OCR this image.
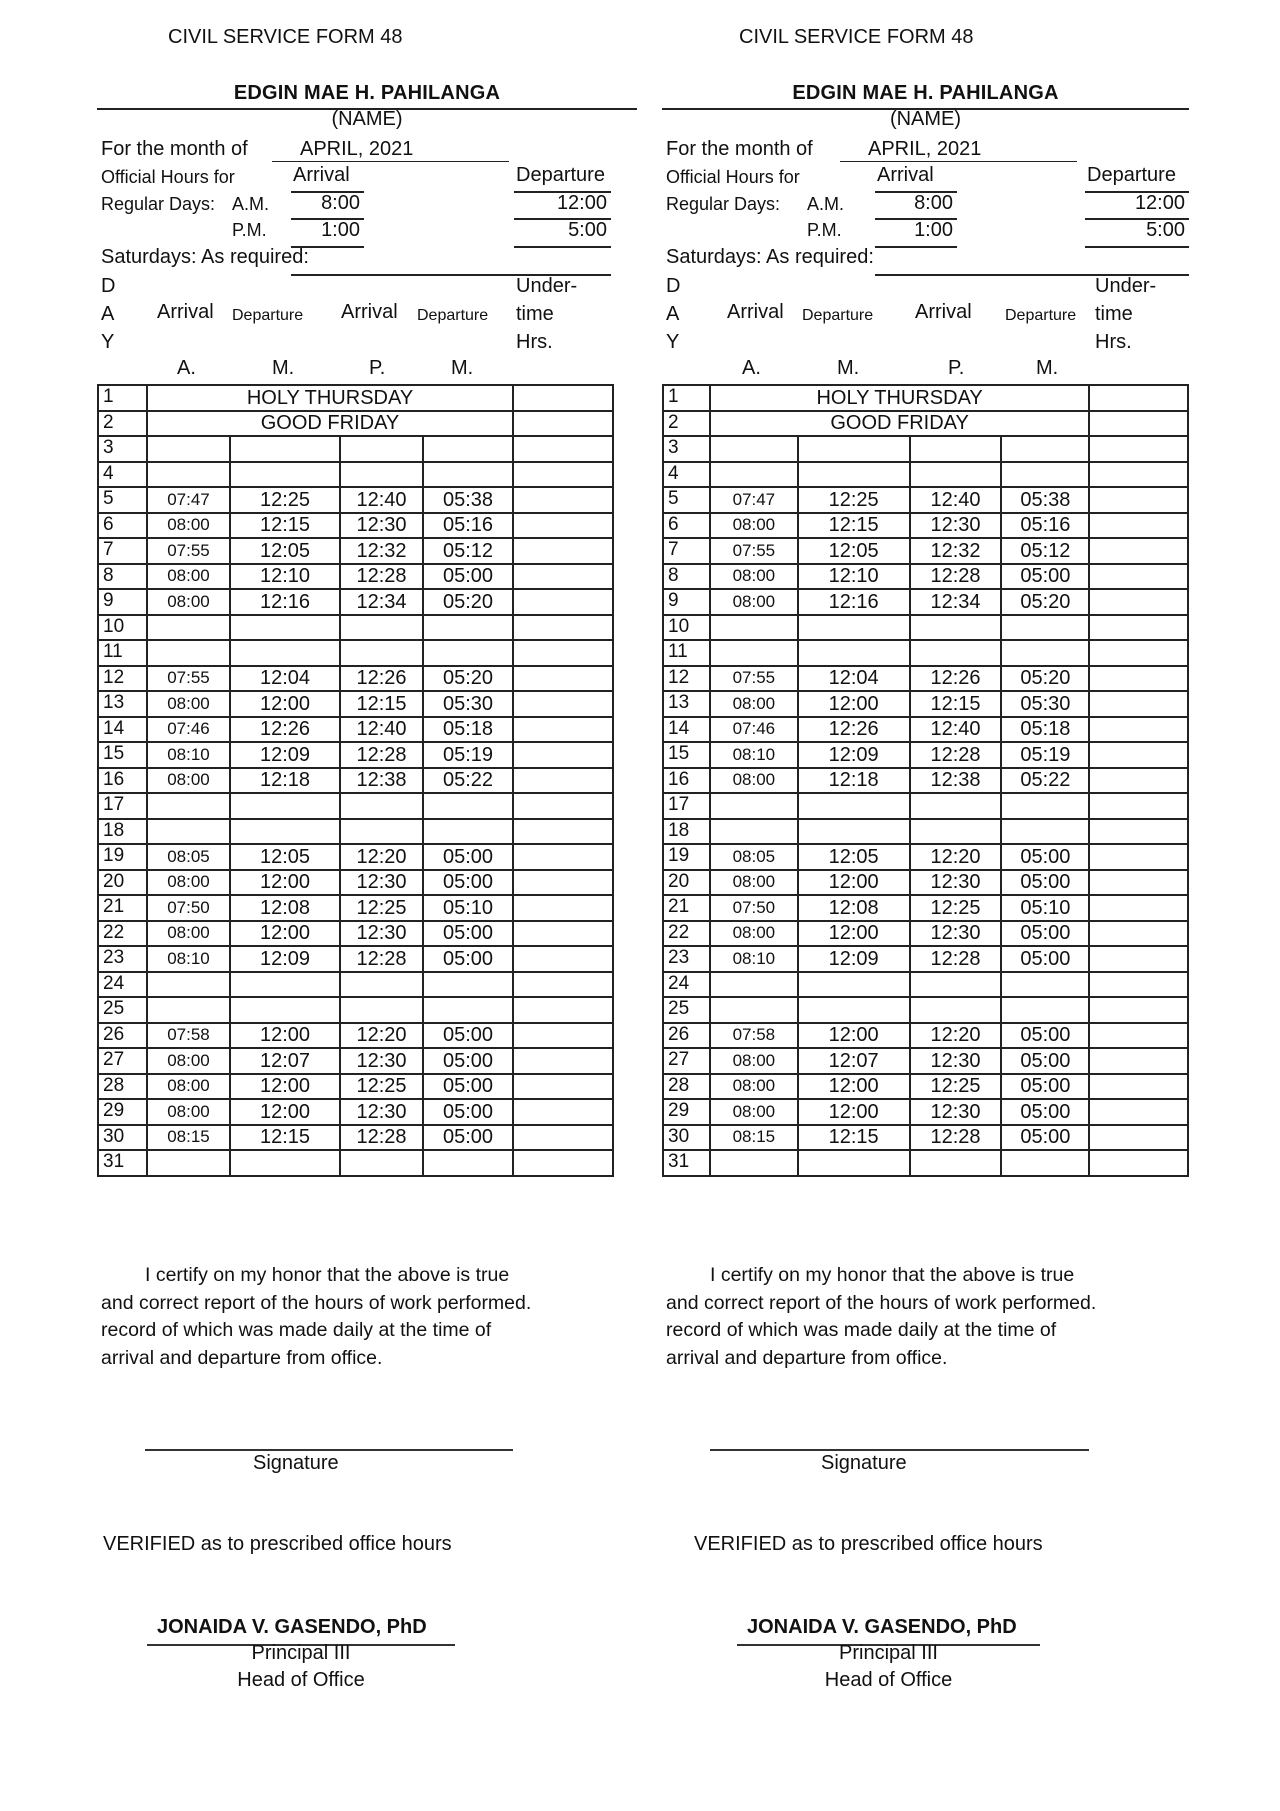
CIVIL SERVICE FORM 48
EDGIN MAE H. PAHILANGA
(NAME)
For the month of	APRIL, 2021
Official Hours for	Arrival	Departure
Regular Days: A.M.
P.M.
8:00	12:00
1:00	5:00
Saturdays: As required:
D
A
Y
Arrival Departure Arrival Departure
Under-
time
Hrs.
A.	M.	P.	M.
1	HOLY THURSDAY				
2	GOOD FRIDAY				
3					
4					
5	07:47	12:25	12:40	05:38	
6	08:00	12:15	12:30	05:16	
7	07:55	12:05	12:32	05:12	
8	08:00	12:10	12:28	05:00	
9	08:00	12:16	12:34	05:20	
10					
11					
12	07:55	12:04	12:26	05:20	
13	08:00	12:00	12:15	05:30	
14	07:46	12:26	12:40	05:18	
15	08:10	12:09	12:28	05:19	
16	08:00	12:18	12:38	05:22	
17					
18					
19	08:05	12:05	12:20	05:00	
20	08:00	12:00	12:30	05:00	
21	07:50	12:08	12:25	05:10	
22	08:00	12:00	12:30	05:00	
23	08:10	12:09	12:28	05:00	
24					
25					
26	07:58	12:00	12:20	05:00	
27	08:00	12:07	12:30	05:00	
28	08:00	12:00	12:25	05:00	
29	08:00	12:00	12:30	05:00	
30	08:15	12:15	12:28	05:00	
31					
I certify on my honor that the above is true
and correct report of the hours of work performed.
record of which was made daily at the time of
arrival and departure from office.
Signature
VERIFIED as to prescribed office hours
JONAIDA V. GASENDO, PhD
Principal III
Head of Office
CIVIL SERVICE FORM 48
EDGIN MAE H. PAHILANGA
(NAME)
For the month of	APRIL, 2021
Official Hours for	Arrival	Departure
Regular Days: A.M.
P.M.
8:00	12:00
1:00	5:00
Saturdays: As required:
D
A
Y
Arrival Departure Arrival Departure
Under-
time
Hrs.
A.	M.	P.	M.
1	HOLY THURSDAY				
2	GOOD FRIDAY				
3					
4					
5	07:47	12:25	12:40	05:38	
6	08:00	12:15	12:30	05:16	
7	07:55	12:05	12:32	05:12	
8	08:00	12:10	12:28	05:00	
9	08:00	12:16	12:34	05:20	
10					
11					
12	07:55	12:04	12:26	05:20	
13	08:00	12:00	12:15	05:30	
14	07:46	12:26	12:40	05:18	
15	08:10	12:09	12:28	05:19	
16	08:00	12:18	12:38	05:22	
17					
18					
19	08:05	12:05	12:20	05:00	
20	08:00	12:00	12:30	05:00	
21	07:50	12:08	12:25	05:10	
22	08:00	12:00	12:30	05:00	
23	08:10	12:09	12:28	05:00	
24					
25					
26	07:58	12:00	12:20	05:00	
27	08:00	12:07	12:30	05:00	
28	08:00	12:00	12:25	05:00	
29	08:00	12:00	12:30	05:00	
30	08:15	12:15	12:28	05:00	
31					
I certify on my honor that the above is true
and correct report of the hours of work performed.
record of which was made daily at the time of
arrival and departure from office.
Signature
VERIFIED as to prescribed office hours
JONAIDA V. GASENDO, PhD
Principal III
Head of Office
